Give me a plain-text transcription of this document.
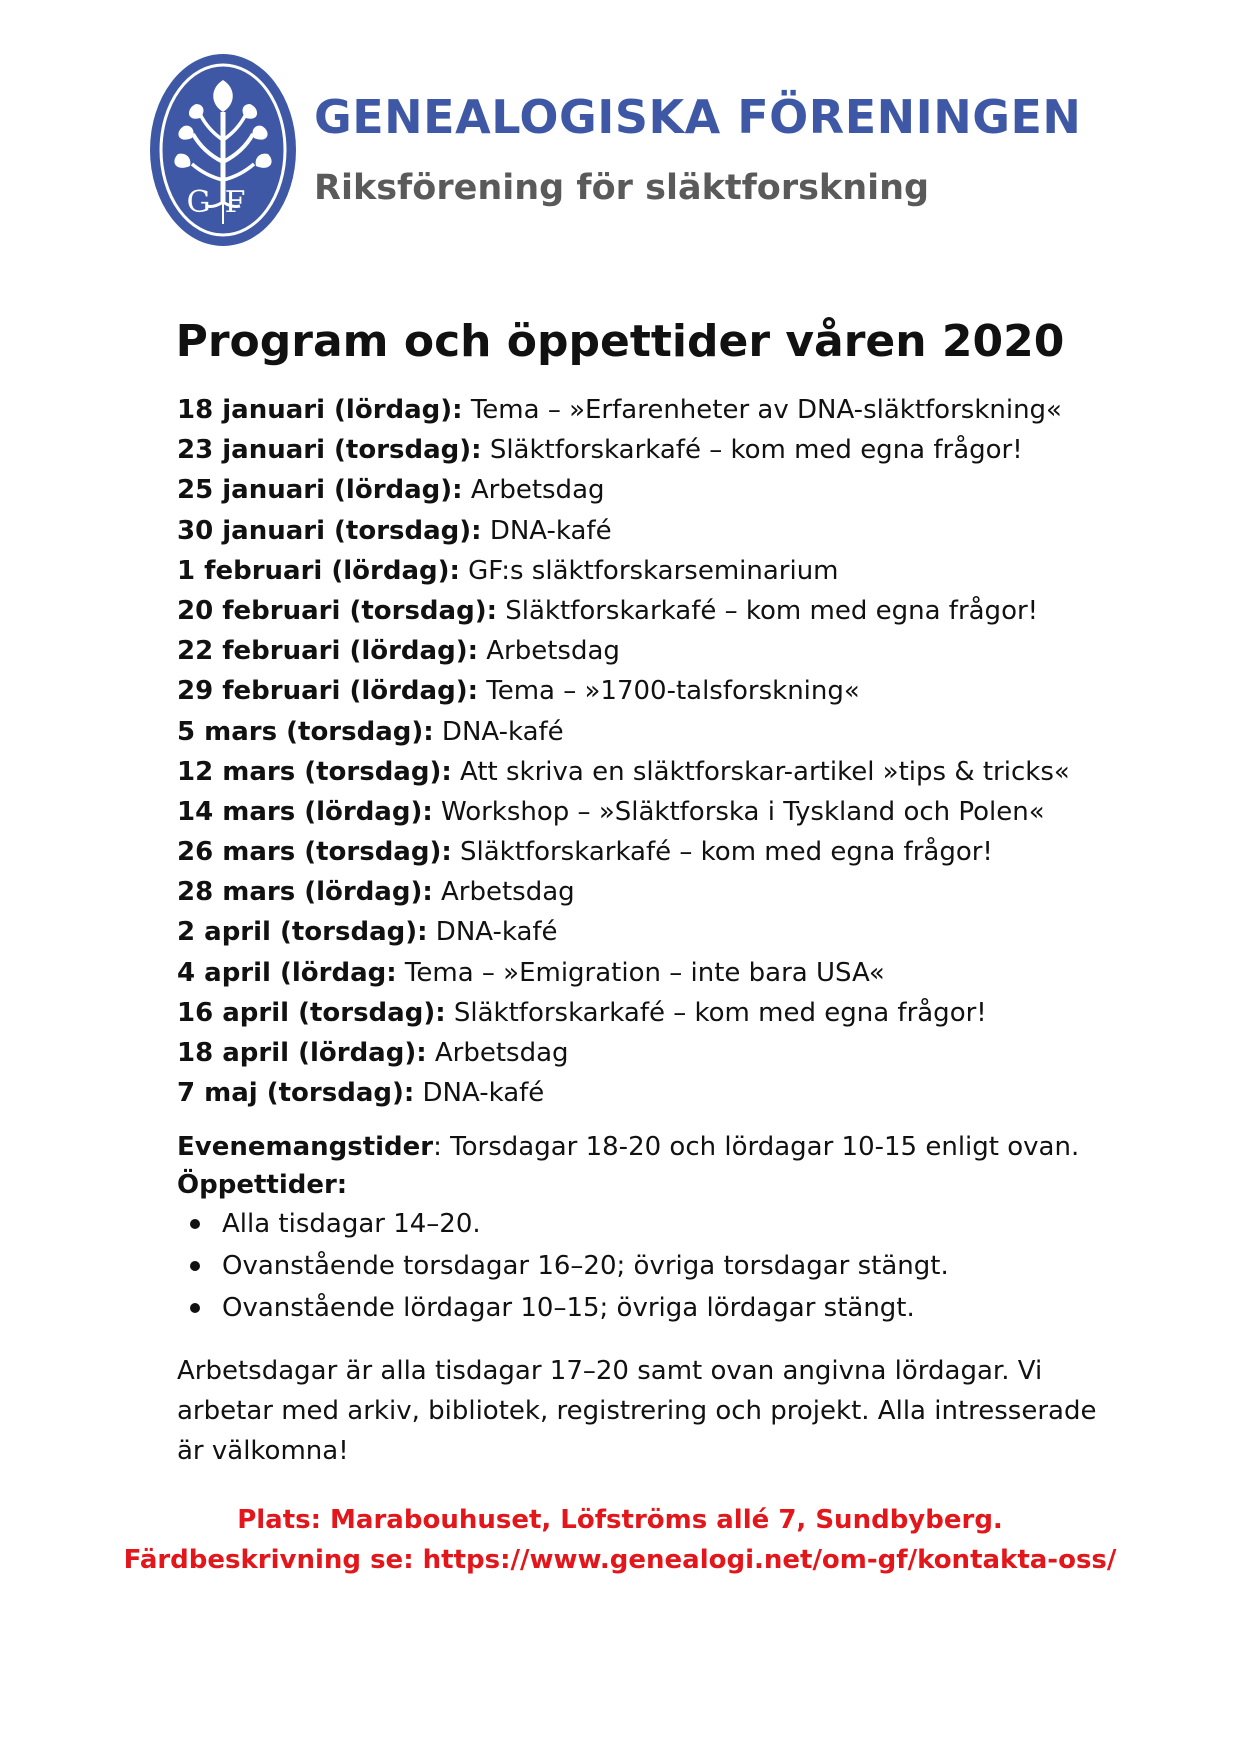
GF
GENEALOGISKA FÖRENINGEN
Riksförening för släktforskning
Program och öppettider våren 2020
18 januari (lördag): Tema – »Erfarenheter av DNA-släktforskning«
23 januari (torsdag): Släktforskarkafé – kom med egna frågor!
25 januari (lördag): Arbetsdag
30 januari (torsdag): DNA-kafé
1 februari (lördag): GF:s släktforskarseminarium
20 februari (torsdag): Släktforskarkafé – kom med egna frågor!
22 februari (lördag): Arbetsdag
29 februari (lördag): Tema – »1700-talsforskning«
5 mars (torsdag): DNA-kafé
12 mars (torsdag): Att skriva en släktforskar-artikel »tips & tricks«
14 mars (lördag): Workshop – »Släktforska i Tyskland och Polen«
26 mars (torsdag): Släktforskarkafé – kom med egna frågor!
28 mars (lördag): Arbetsdag
2 april (torsdag): DNA-kafé
4 april (lördag: Tema – »Emigration – inte bara USA«
16 april (torsdag): Släktforskarkafé – kom med egna frågor!
18 april (lördag): Arbetsdag
7 maj (torsdag): DNA-kafé
Evenemangstider: Torsdagar 18-20 och lördagar 10-15 enligt ovan.
Öppettider:
Alla tisdagar 14–20.
Ovanstående torsdagar 16–20; övriga torsdagar stängt.
Ovanstående lördagar 10–15; övriga lördagar stängt.

Arbetsdagar är alla tisdagar 17–20 samt ovan angivna lördagar. Vi arbetar med arkiv, bibliotek, registrering och projekt. Alla intresserade är välkomna!

Plats: Marabouhuset, Löfströms allé 7, Sundbyberg.
Färdbeskrivning se: https://www.genealogi.net/om-gf/kontakta-oss/
